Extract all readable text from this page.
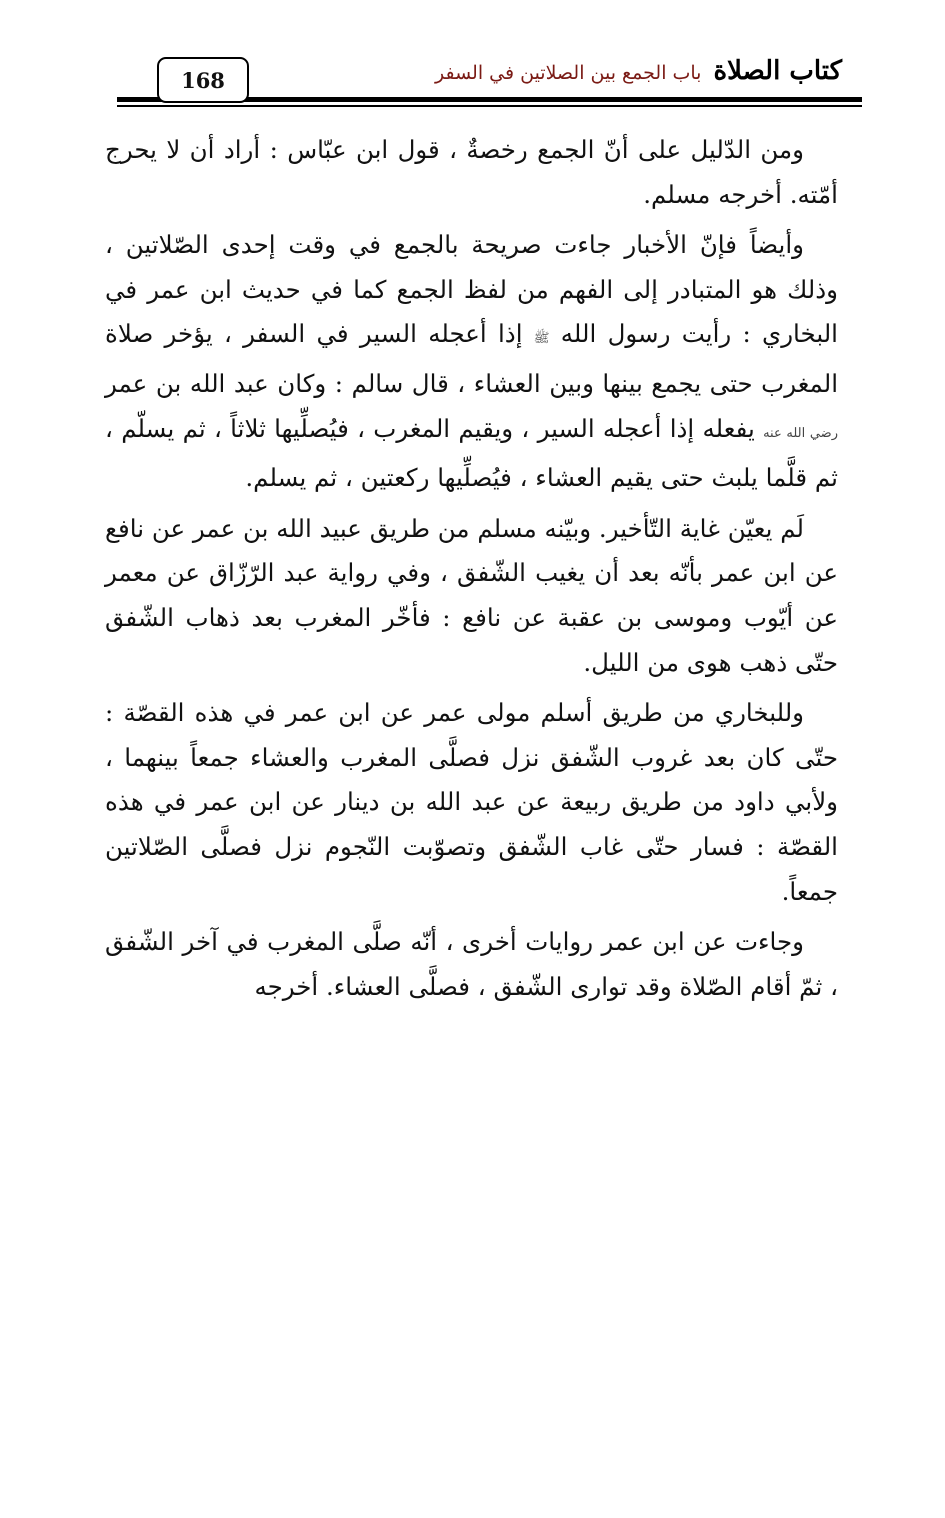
168	كتاب الصلاة
باب الجمع بين الصلاتين في السفر

ومن الدّليل على أنّ الجمع رخصةٌ ، قول ابن عبّاس : أراد أن لا يحرج أمّته. أخرجه مسلم.

وأيضاً فإنّ الأخبار جاءت صريحة بالجمع في وقت إحدى الصّلاتين ، وذلك هو المتبادر إلى الفهم من لفظ الجمع كما في حديث ابن عمر في البخاري : رأيت رسول الله ﷺ إذا أعجله السير في السفر ، يؤخر صلاة المغرب حتى يجمع بينها وبين العشاء ، قال سالم : وكان عبد الله بن عمر رضي الله عنه يفعله إذا أعجله السير ، ويقيم المغرب ، فيُصلِّيها ثلاثاً ، ثم يسلّم ، ثم قلَّما يلبث حتى يقيم العشاء ، فيُصلِّيها ركعتين ، ثم يسلم.

لَم يعيّن غاية التّأخير. وبيّنه مسلم من طريق عبيد الله بن عمر عن نافع عن ابن عمر بأنّه بعد أن يغيب الشّفق ، وفي رواية عبد الرّزّاق عن معمر عن أيّوب وموسى بن عقبة عن نافع : فأخّر المغرب بعد ذهاب الشّفق حتّى ذهب هوى من الليل.

وللبخاري من طريق أسلم مولى عمر عن ابن عمر في هذه القصّة : حتّى كان بعد غروب الشّفق نزل فصلَّى المغرب والعشاء جمعاً بينهما ، ولأبي داود من طريق ربيعة عن عبد الله بن دينار عن ابن عمر في هذه القصّة : فسار حتّى غاب الشّفق وتصوّبت النّجوم نزل فصلَّى الصّلاتين جمعاً.

وجاءت عن ابن عمر روايات أخرى ، أنّه صلَّى المغرب في آخر الشّفق ، ثمّ أقام الصّلاة وقد توارى الشّفق ، فصلَّى العشاء. أخرجه
